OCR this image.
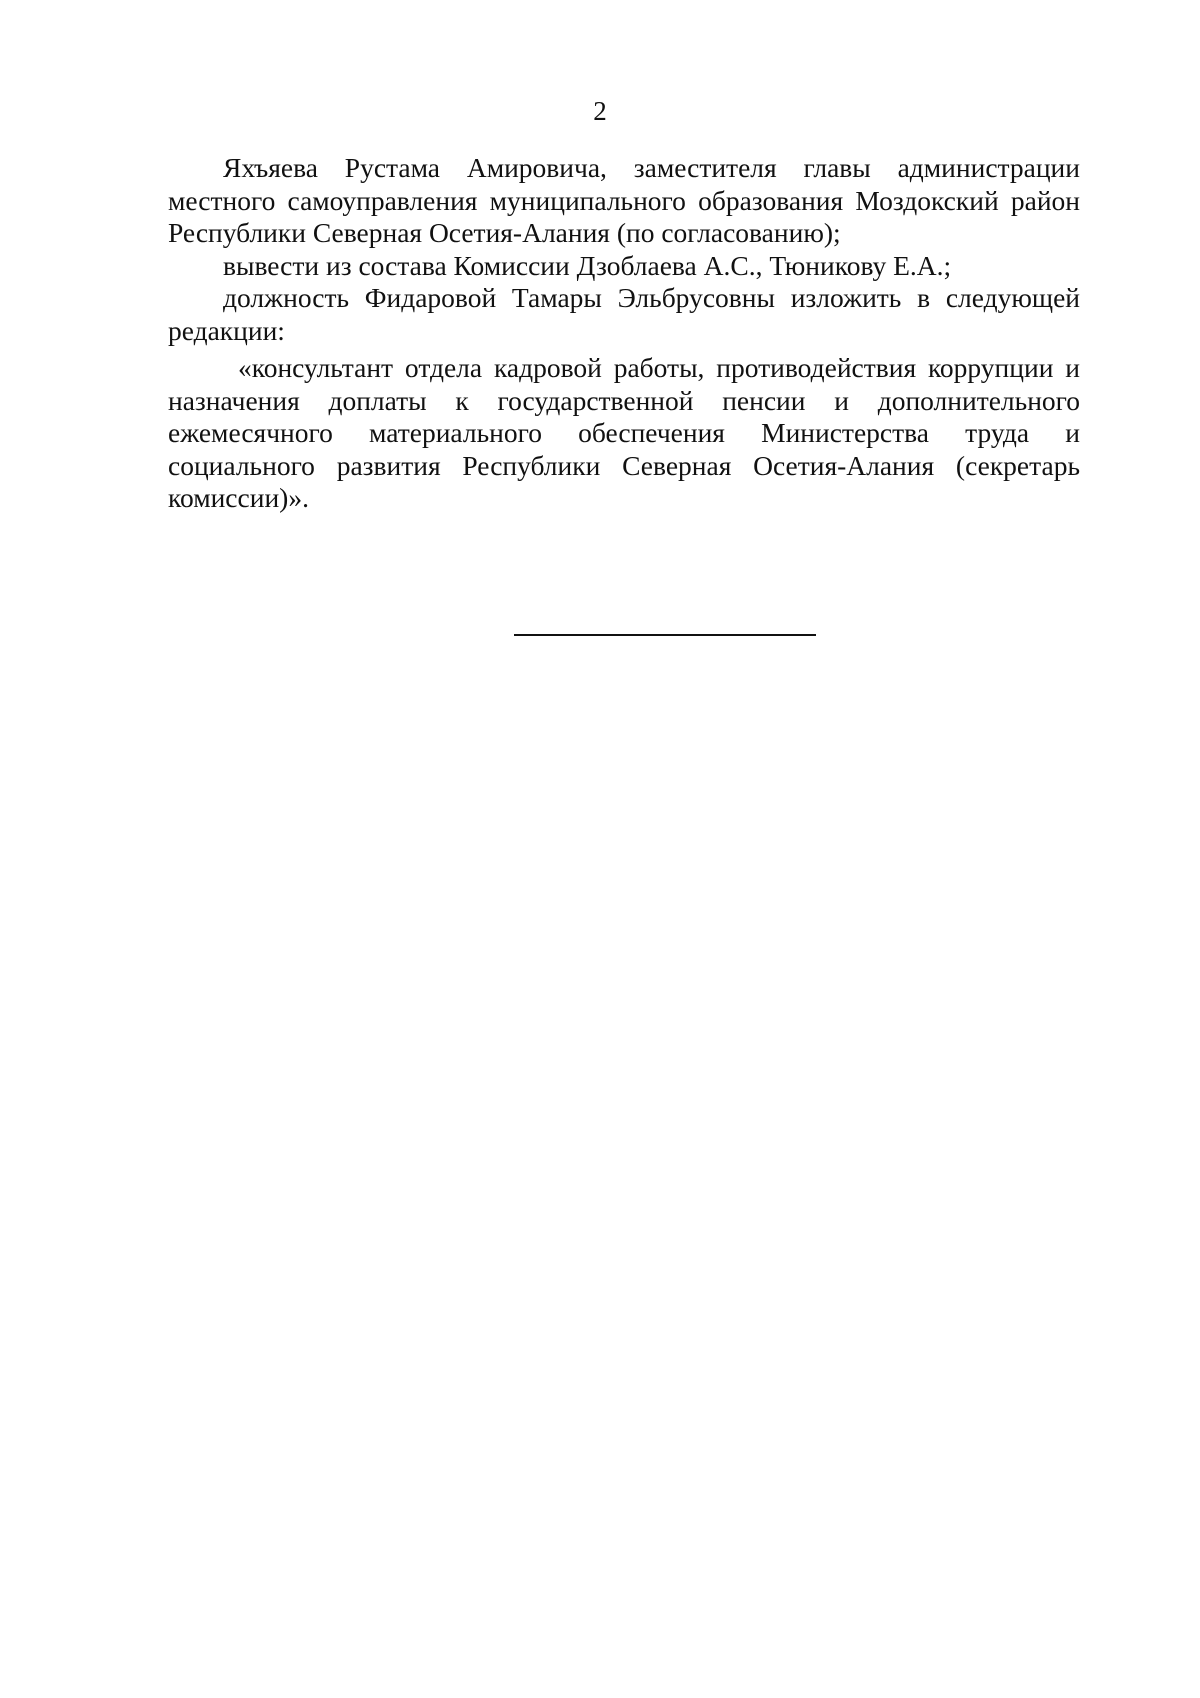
2

Яхъяева Рустама Амировича, заместителя главы администрации местного самоуправления муниципального образования Моздокский район Республики Северная Осетия-Алания (по согласованию);

вывести из состава Комиссии Дзоблаева А.С., Тюникову Е.А.;

должность Фидаровой Тамары Эльбрусовны изложить в следующей редакции:

«консультант отдела кадровой работы, противодействия коррупции и назначения доплаты к государственной пенсии и дополнительного ежемесячного материального обеспечения Министерства труда и социального развития Республики Северная Осетия-Алания (секретарь комиссии)».
